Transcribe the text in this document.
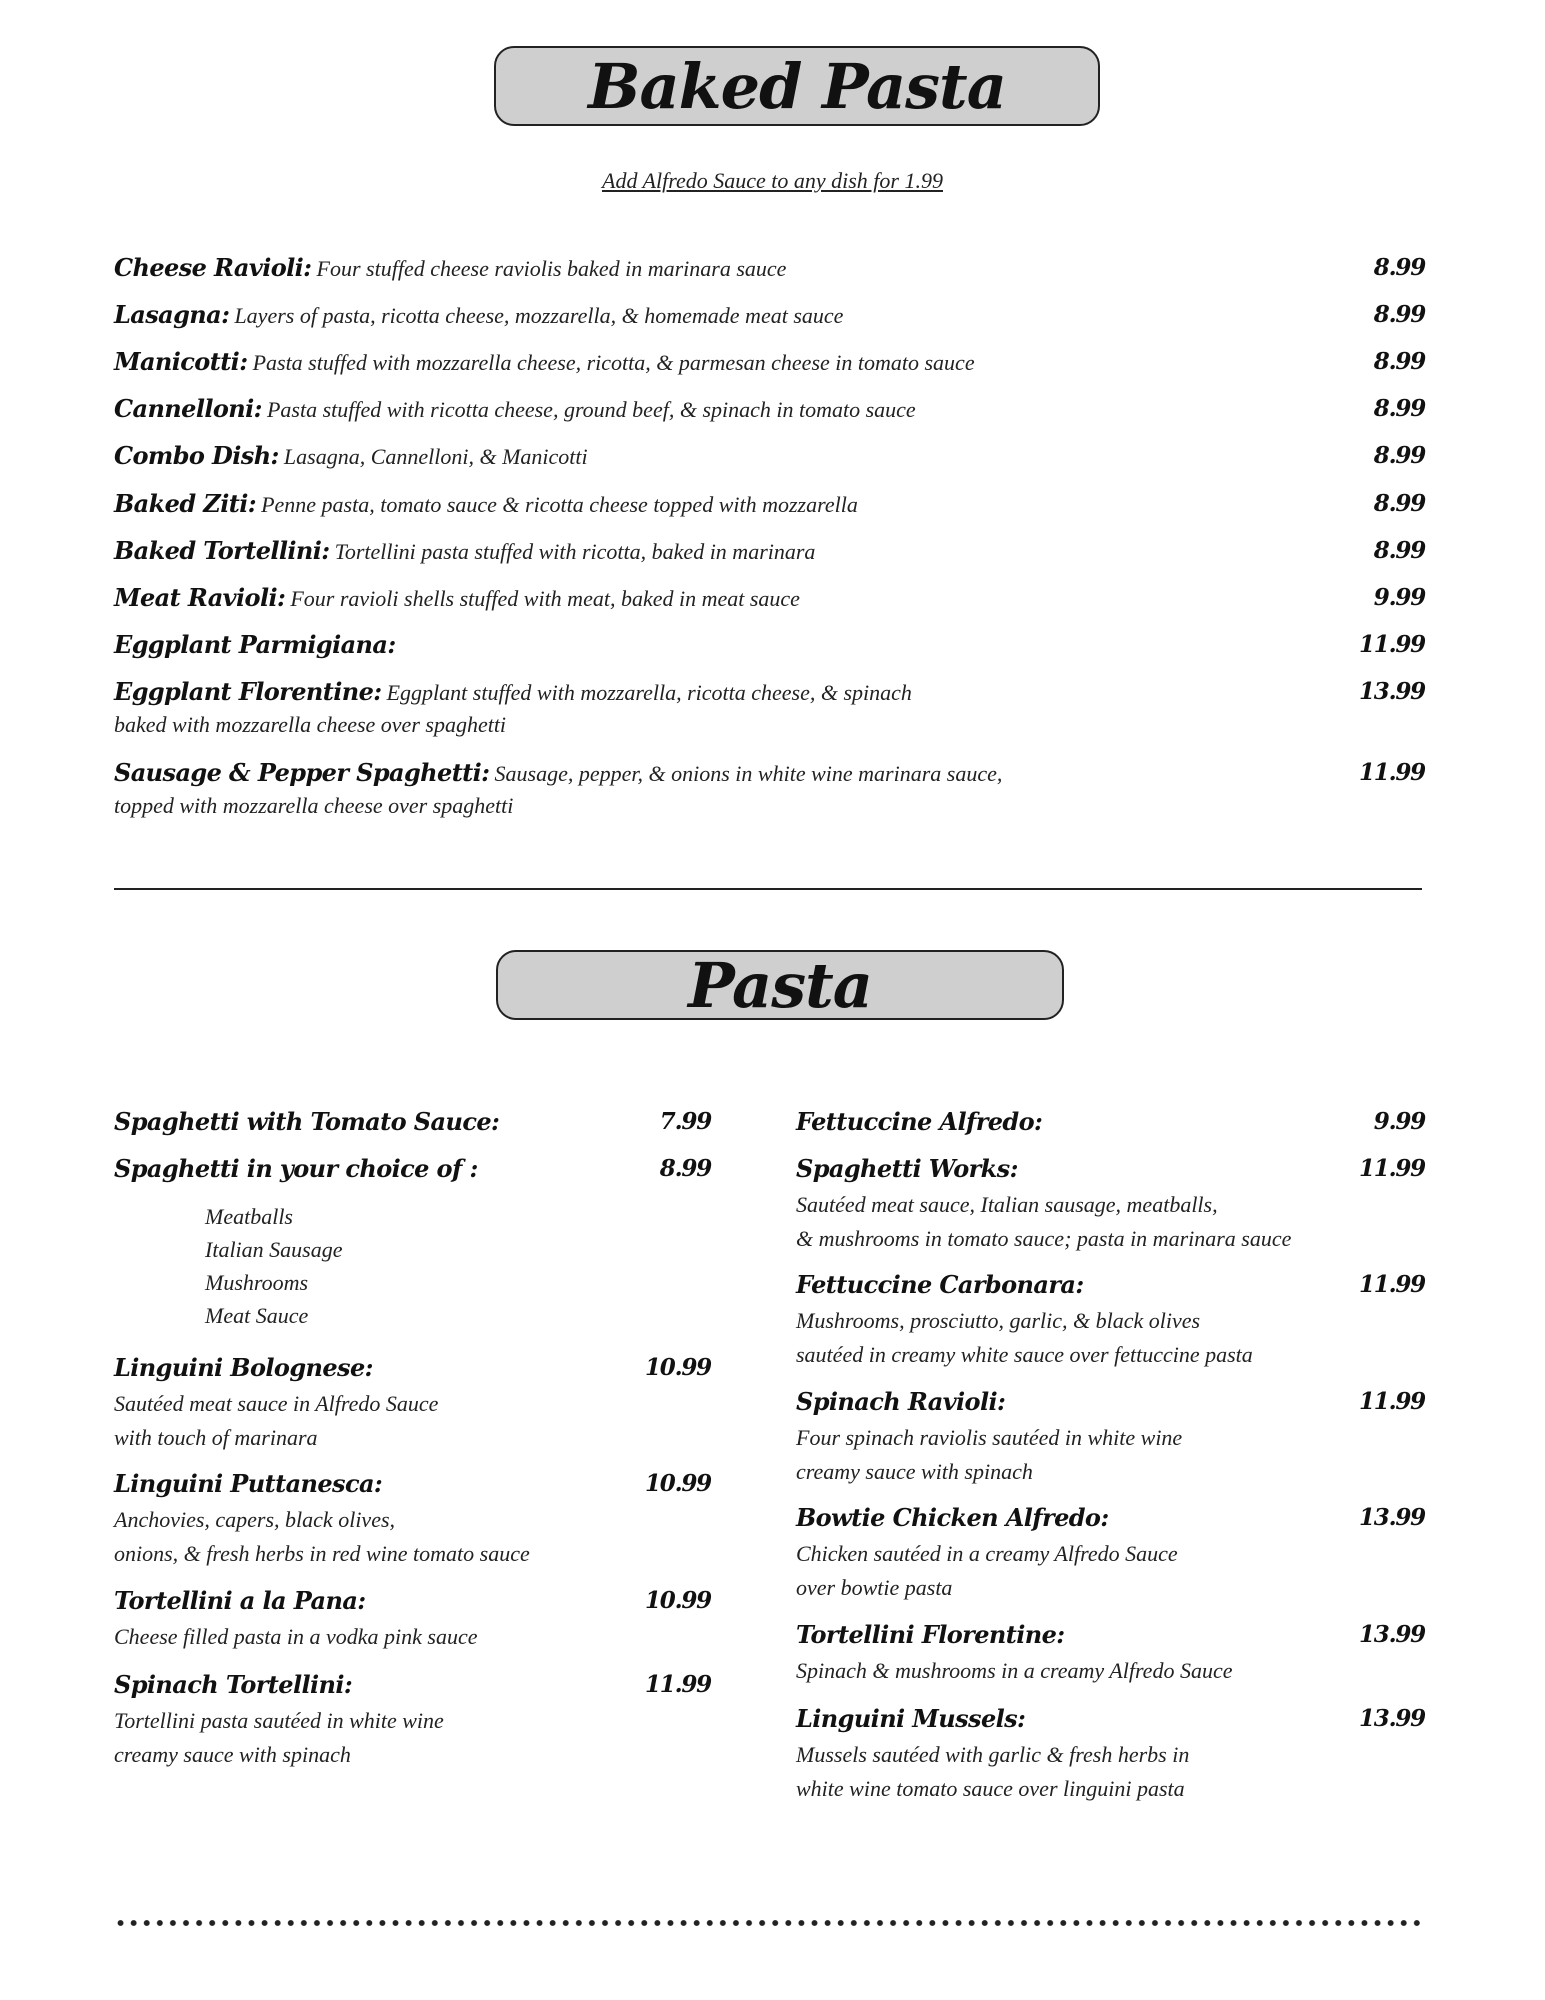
Baked Pasta
Add Alfredo Sauce to any dish for 1.99
Cheese Ravioli: Four stuffed cheese raviolis baked in marinara sauce	8.99
Lasagna: Layers of pasta, ricotta cheese, mozzarella, & homemade meat sauce	8.99
Manicotti: Pasta stuffed with mozzarella cheese, ricotta, & parmesan cheese in tomato sauce	8.99
Cannelloni: Pasta stuffed with ricotta cheese, ground beef, & spinach in tomato sauce	8.99
Combo Dish: Lasagna, Cannelloni, & Manicotti	8.99
Baked Ziti: Penne pasta, tomato sauce & ricotta cheese topped with mozzarella	8.99
Baked Tortellini: Tortellini pasta stuffed with ricotta, baked in marinara	8.99
Meat Ravioli: Four ravioli shells stuffed with meat, baked in meat sauce	9.99
Eggplant Parmigiana:	11.99
Eggplant Florentine: Eggplant stuffed with mozzarella, ricotta cheese, & spinach
baked with mozzarella cheese over spaghetti
13.99
Sausage & Pepper Spaghetti: Sausage, pepper, & onions in white wine marinara sauce,
topped with mozzarella cheese over spaghetti
11.99
Pasta
Spaghetti with Tomato Sauce:	7.99
Spaghetti in your choice of :	8.99
Meatballs
Italian Sausage
Mushrooms
Meat Sauce
Linguini Bolognese:
Sautéed meat sauce in Alfredo Sauce
with touch of marinara
10.99
Linguini Puttanesca:
Anchovies, capers, black olives,
onions, & fresh herbs in red wine tomato sauce
10.99
Tortellini a la Pana:
Cheese filled pasta in a vodka pink sauce
10.99
Spinach Tortellini:
Tortellini pasta sautéed in white wine
creamy sauce with spinach
11.99
Fettuccine Alfredo:	9.99
Spaghetti Works:
Sautéed meat sauce, Italian sausage, meatballs,
& mushrooms in tomato sauce; pasta in marinara sauce
11.99
Fettuccine Carbonara:
Mushrooms, prosciutto, garlic, & black olives
sautéed in creamy white sauce over fettuccine pasta
11.99
Spinach Ravioli:
Four spinach raviolis sautéed in white wine
creamy sauce with spinach
11.99
Bowtie Chicken Alfredo:
Chicken sautéed in a creamy Alfredo Sauce
over bowtie pasta
13.99
Tortellini Florentine:
Spinach & mushrooms in a creamy Alfredo Sauce
13.99
Linguini Mussels:
Mussels sautéed with garlic & fresh herbs in
white wine tomato sauce over linguini pasta
13.99
